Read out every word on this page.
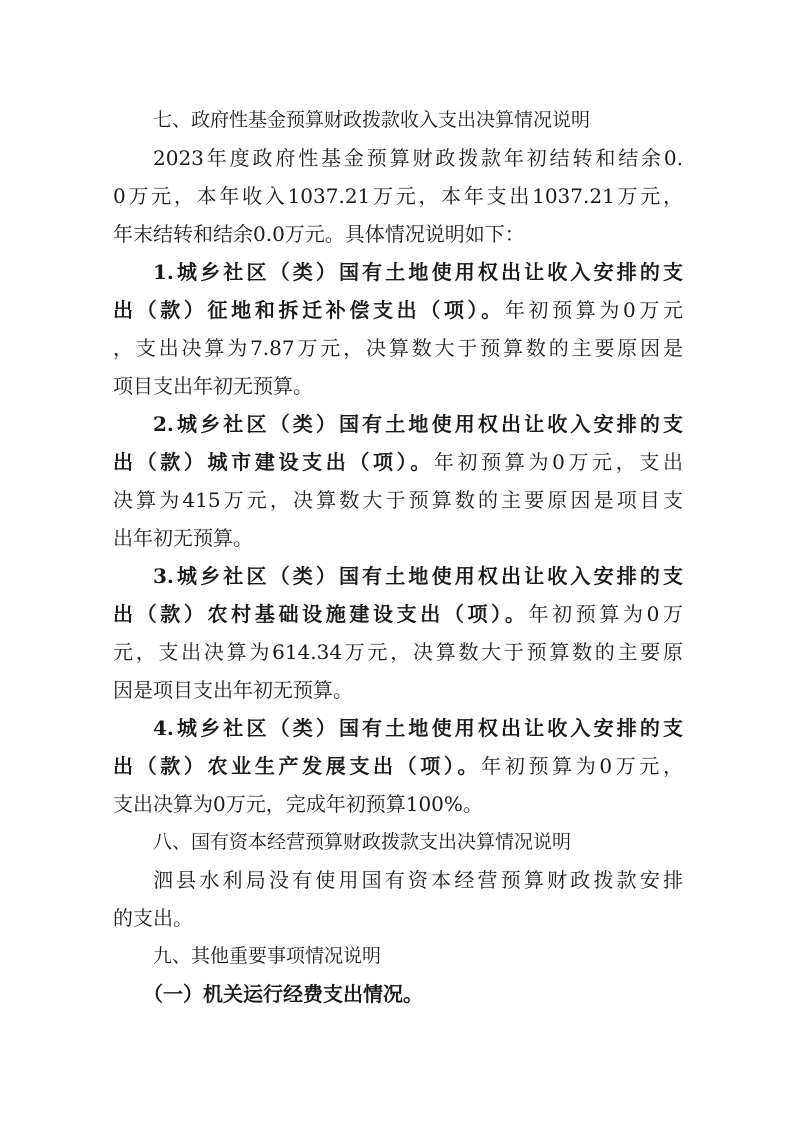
七、政府性基金预算财政拨款收入支出决算情况说明
2023年度政府性基金预算财政拨款年初结转和结余0.
0万元，本年收入1037.21万元，本年支出1037.21万元，
年末结转和结余0.0万元。具体情况说明如下：
1.城乡社区（类）国有土地使用权出让收入安排的支
出（款）征地和拆迁补偿支出（项）。年初预算为0万元
，支出决算为7.87万元，决算数大于预算数的主要原因是
项目支出年初无预算。
2.城乡社区（类）国有土地使用权出让收入安排的支
出（款）城市建设支出（项）。年初预算为0万元，支出
决算为415万元，决算数大于预算数的主要原因是项目支
出年初无预算。
3.城乡社区（类）国有土地使用权出让收入安排的支
出（款）农村基础设施建设支出（项）。年初预算为0万
元，支出决算为614.34万元，决算数大于预算数的主要原
因是项目支出年初无预算。
4.城乡社区（类）国有土地使用权出让收入安排的支
出（款）农业生产发展支出（项）。年初预算为0万元，
支出决算为0万元，完成年初预算100%。
八、国有资本经营预算财政拨款支出决算情况说明
泗县水利局没有使用国有资本经营预算财政拨款安排
的支出。
九、其他重要事项情况说明
（一）机关运行经费支出情况。
